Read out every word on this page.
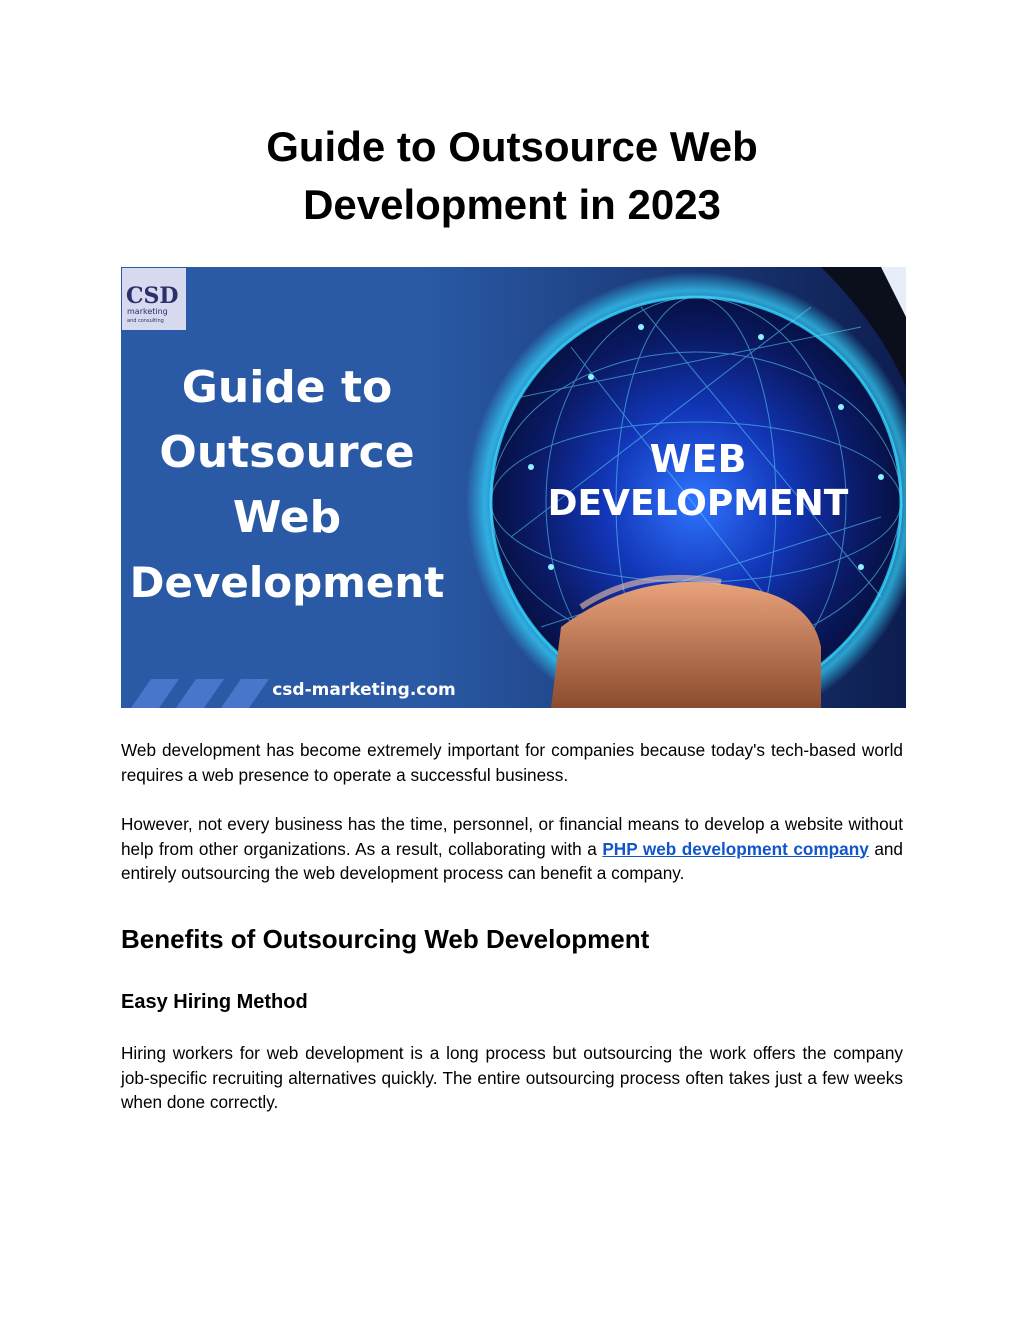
Guide to Outsource Web
Development in 2023
WEB
DEVELOPMENT
CSD
marketing
and consulting
Guide to
Outsource
Web
Development
csd-marketing.com

Web development has become extremely important for companies because today's tech-based world requires a web presence to operate a successful business.

However, not every business has the time, personnel, or financial means to develop a website without help from other organizations. As a result, collaborating with a PHP web development company and entirely outsourcing the web development process can benefit a company.

Benefits of Outsourcing Web Development
Easy Hiring Method

Hiring workers for web development is a long process but outsourcing the work offers the company job-specific recruiting alternatives quickly. The entire outsourcing process often takes just a few weeks when done correctly.
